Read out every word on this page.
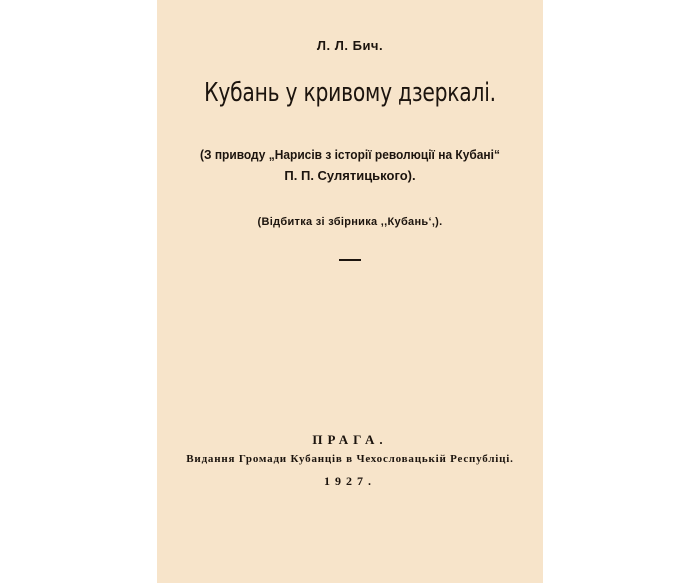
Л. Л. Бич.
Кубань у кривому дзеркалі.
(З приводу „Нарисів з історії революції на Кубані“
П. П. Сулятицького).
(Відбитка зі збірника ,,Кубань‘,).
ПРАГА.
Видання Громади Кубанців в Чехословацькій Республіці.
1927.
